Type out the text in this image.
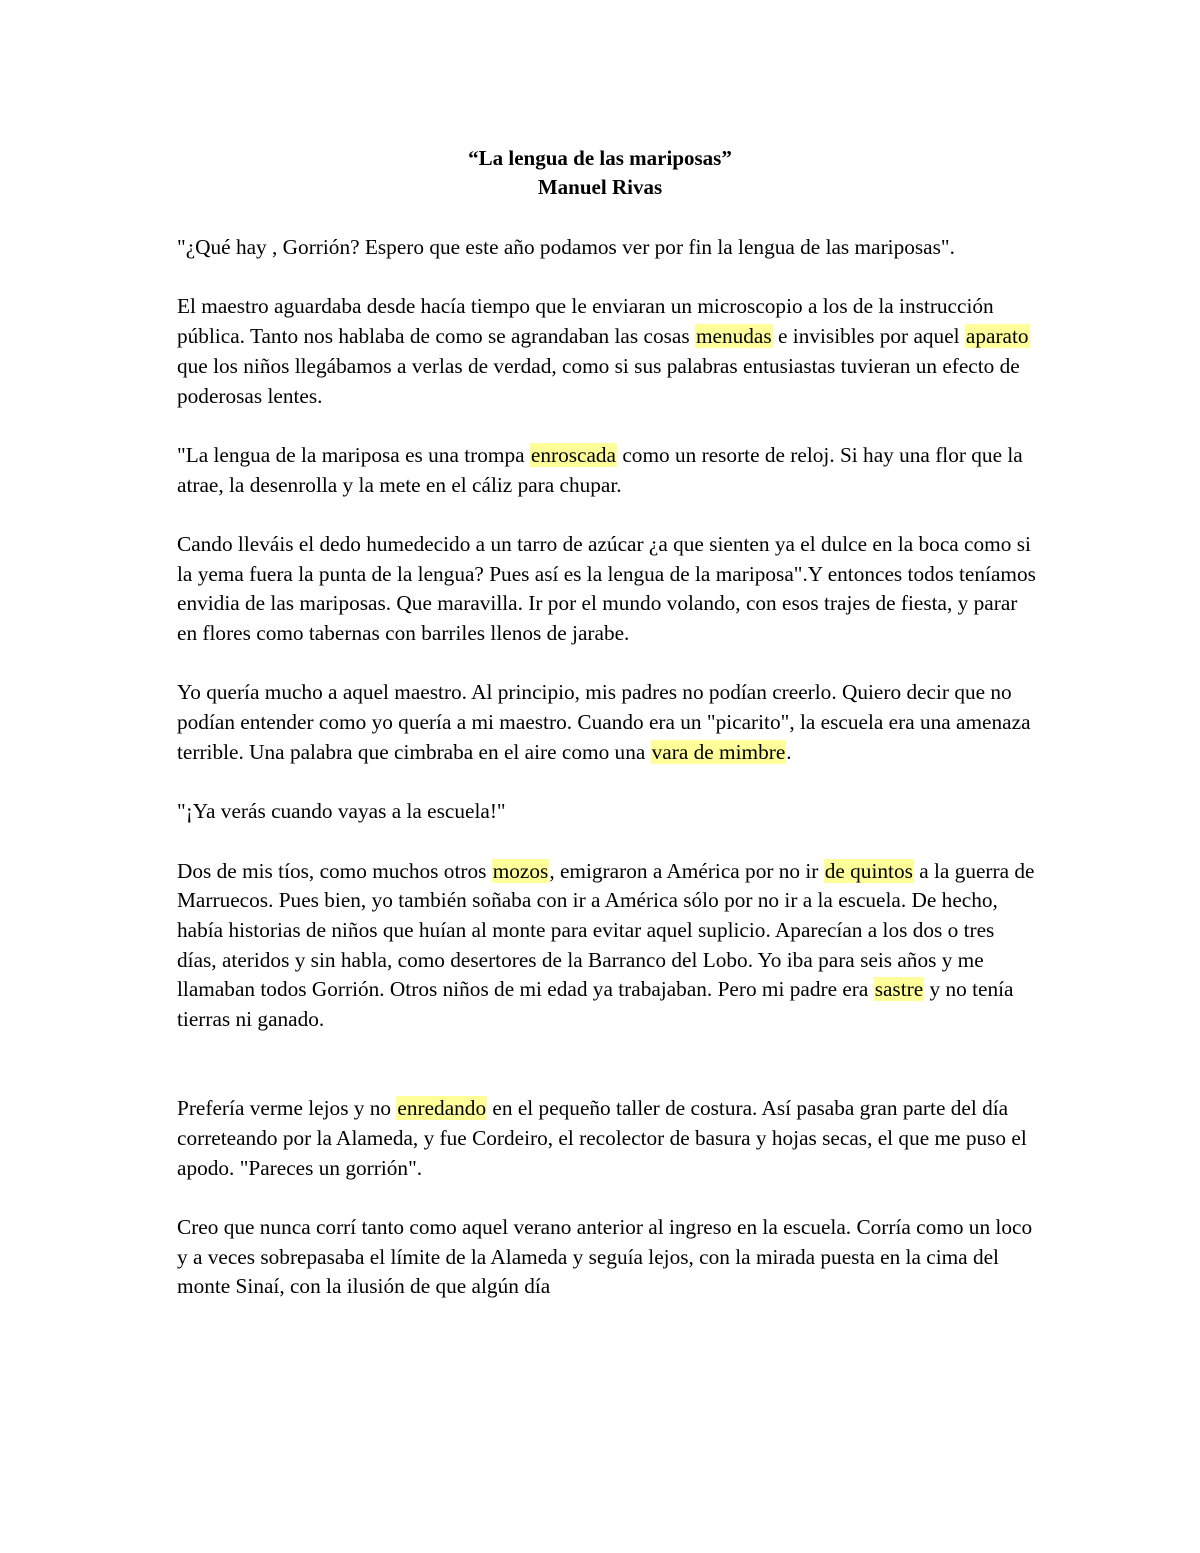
“La lengua de las mariposas”
Manuel Rivas

"¿Qué hay , Gorrión? Espero que este año podamos ver por fin la lengua de las mariposas".

El maestro aguardaba desde hacía tiempo que le enviaran un microscopio a los de la instrucción pública. Tanto nos hablaba de como se agrandaban las cosas menudas e invisibles por aquel aparato que los niños llegábamos a verlas de verdad, como si sus palabras entusiastas tuvieran un efecto de poderosas lentes.

"La lengua de la mariposa es una trompa enroscada como un resorte de reloj. Si hay una flor que la atrae, la desenrolla y la mete en el cáliz para chupar.

Cando lleváis el dedo humedecido a un tarro de azúcar ¿a que sienten ya el dulce en la boca como si la yema fuera la punta de la lengua? Pues así es la lengua de la mariposa".Y entonces todos teníamos envidia de las mariposas. Que maravilla. Ir por el mundo volando, con esos trajes de fiesta, y parar en flores como tabernas con barriles llenos de jarabe.

Yo quería mucho a aquel maestro. Al principio, mis padres no podían creerlo. Quiero decir que no podían entender como yo quería a mi maestro. Cuando era un "picarito", la escuela era una amenaza terrible. Una palabra que cimbraba en el aire como una vara de mimbre.

"¡Ya verás cuando vayas a la escuela!"

Dos de mis tíos, como muchos otros mozos, emigraron a América por no ir de quintos a la guerra de Marruecos. Pues bien, yo también soñaba con ir a América sólo por no ir a la escuela. De hecho, había historias de niños que huían al monte para evitar aquel suplicio. Aparecían a los dos o tres días, ateridos y sin habla, como desertores de la Barranco del Lobo. Yo iba para seis años y me llamaban todos Gorrión. Otros niños de mi edad ya trabajaban. Pero mi padre era sastre y no tenía tierras ni ganado.

Prefería verme lejos y no enredando en el pequeño taller de costura. Así pasaba gran parte del día correteando por la Alameda, y fue Cordeiro, el recolector de basura y hojas secas, el que me puso el apodo. "Pareces un gorrión".

Creo que nunca corrí tanto como aquel verano anterior al ingreso en la escuela. Corría como un loco y a veces sobrepasaba el límite de la Alameda y seguía lejos, con la mirada puesta en la cima del monte Sinaí, con la ilusión de que algún día
